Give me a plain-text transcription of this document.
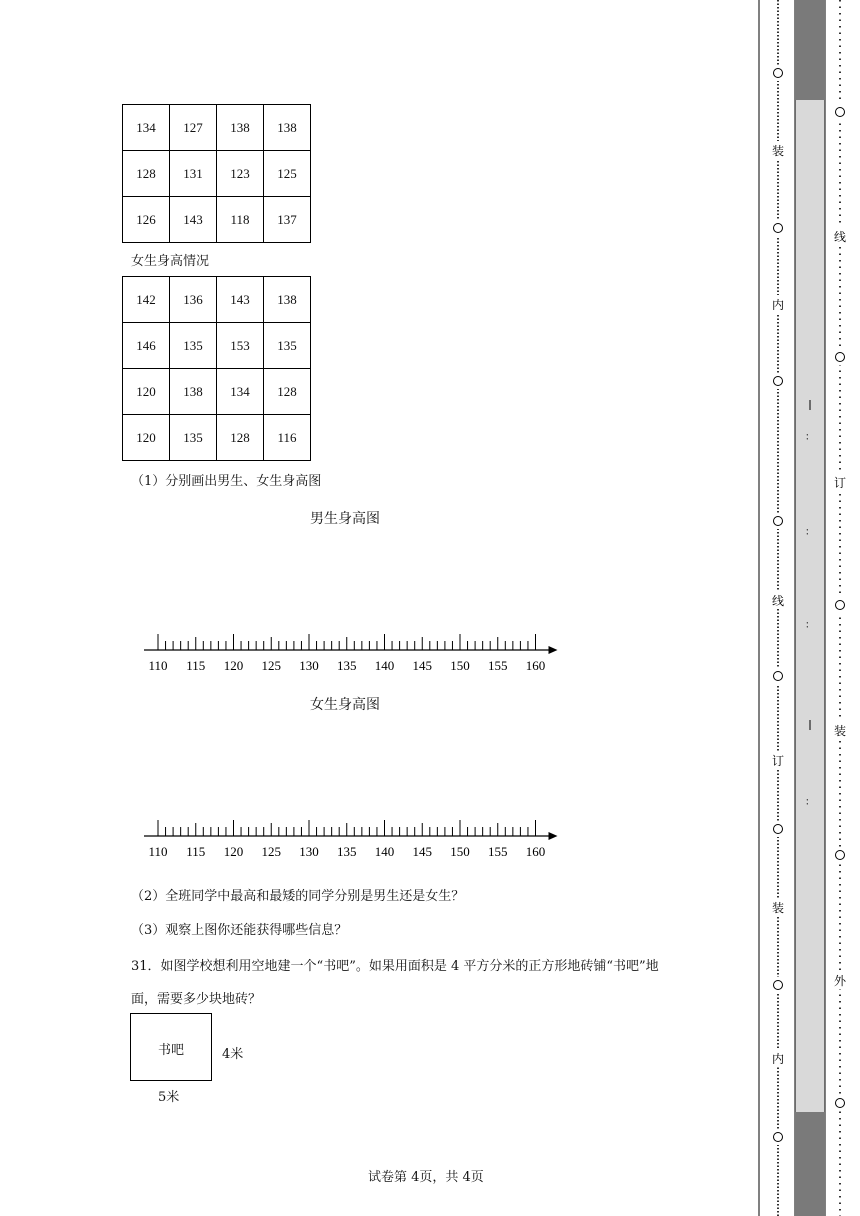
134	127	138	138
128	131	123	125
126	143	118	137
女生身高情况
142	136	143	138
146	135	153	135
120	138	134	128
120	135	128	116
（1）分别画出男生、女生身高图
男生身高图
110 115 120 125 130 135 140 145 150 155 160
女生身高图
110 115 120 125 130 135 140 145 150 155 160
（2）全班同学中最高和最矮的同学分别是男生还是女生？
（3）观察上图你还能获得哪些信息？
31．如图学校想利用空地建一个“书吧”。如果用面积是 4 平方分米的正方形地砖铺“书吧”地
面，需要多少块地砖？
书吧	4米
5米
试卷第 4页，共 4页
装
内
线
订
装
内
：
：
：
：
线
订
装
外
